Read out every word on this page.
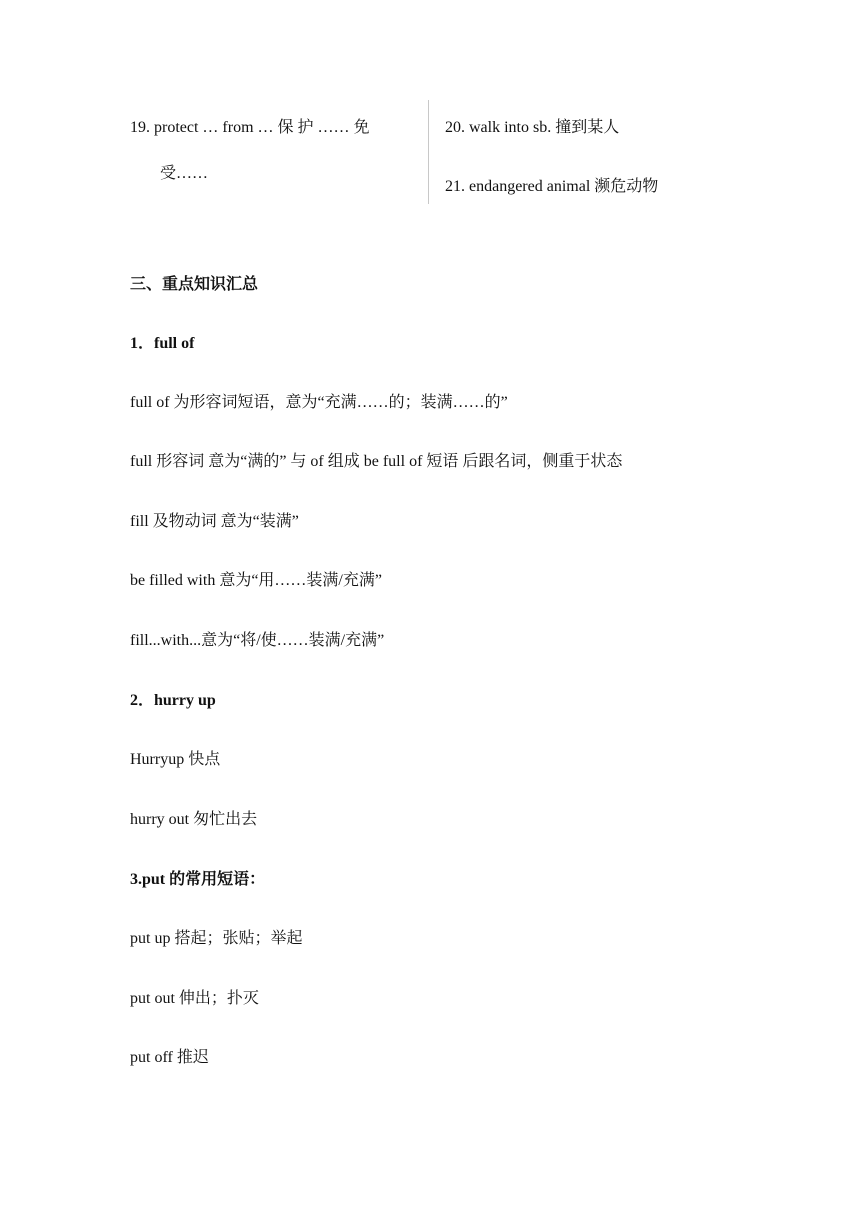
19. protect … from … 保 护 …… 免
受……
20. walk into sb. 撞到某人
21. endangered animal 濒危动物
三、重点知识汇总
1．full of
full of 为形容词短语，意为“充满……的；装满……的”
full 形容词 意为“满的” 与 of 组成 be full of 短语 后跟名词，侧重于状态
fill 及物动词 意为“装满”
be filled with 意为“用……装满/充满”
fill...with...意为“将/使……装满/充满”
2．hurry up
Hurryup 快点
hurry out 匆忙出去
3.put 的常用短语：
put up 搭起；张贴；举起
put out 伸出；扑灭
put off 推迟
